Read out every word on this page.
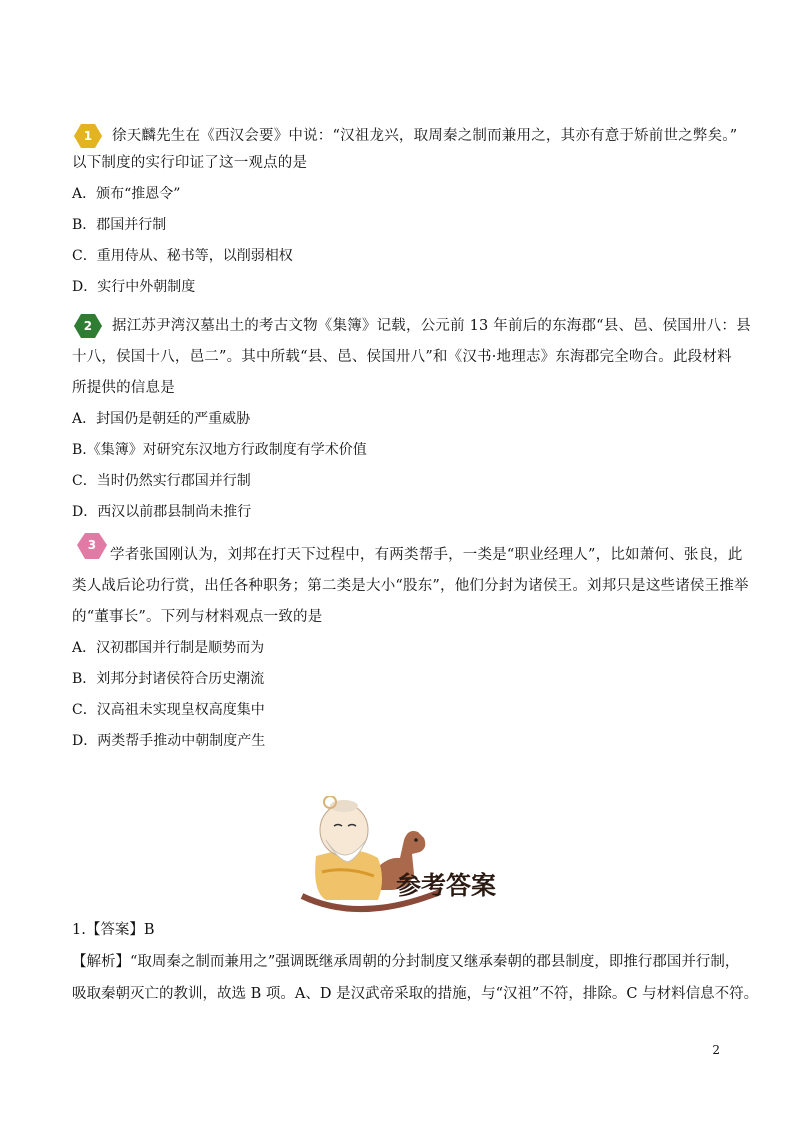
1 徐天麟先生在《西汉会要》中说：“汉祖龙兴，取周秦之制而兼用之，其亦有意于矫前世之弊矣。”
以下制度的实行印证了这一观点的是
A．颁布“推恩令”
B．郡国并行制
C．重用侍从、秘书等，以削弱相权
D．实行中外朝制度
2 据江苏尹湾汉墓出土的考古文物《集簿》记载，公元前 13 年前后的东海郡“县、邑、侯国卅八：县
十八，侯国十八，邑二”。其中所载“县、邑、侯国卅八”和《汉书·地理志》东海郡完全吻合。此段材料
所提供的信息是
A．封国仍是朝廷的严重威胁
B.《集簿》对研究东汉地方行政制度有学术价值
C．当时仍然实行郡国并行制
D．西汉以前郡县制尚未推行
3
学者张国刚认为，刘邦在打天下过程中，有两类帮手，一类是“职业经理人”，比如萧何、张良，此
类人战后论功行赏，出任各种职务；第二类是大小“股东”，他们分封为诸侯王。刘邦只是这些诸侯王推举
的“董事长”。下列与材料观点一致的是
A．汉初郡国并行制是顺势而为
B．刘邦分封诸侯符合历史潮流
C．汉高祖未实现皇权高度集中
D．两类帮手推动中朝制度产生
参考答案
1.【答案】B
【解析】“取周秦之制而兼用之”强调既继承周朝的分封制度又继承秦朝的郡县制度，即推行郡国并行制，
吸取秦朝灭亡的教训，故选 B 项。A、D 是汉武帝采取的措施，与“汉祖”不符，排除。C 与材料信息不符。
2
